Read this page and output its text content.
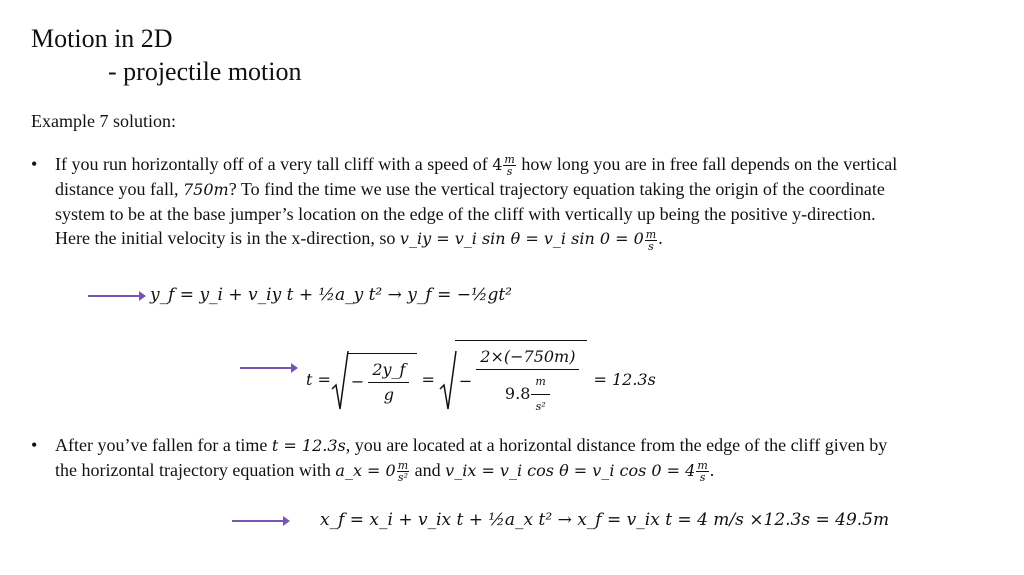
Motion in 2D
- projectile motion
Example 7 solution:
• If you run horizontally off of a very tall cliff with a speed of $4 \frac{m}{s}$ how long you are in free fall depends on the vertical
distance you fall, 750m? To find the time we use the vertical trajectory equation taking the origin of the coordinate
system to be at the base jumper’s location on the edge of the cliff with vertically up being the positive y-direction.
Here the initial velocity is in the x-direction, so v_iy = v_i sin θ = v_i $\sin 0 = 0 \frac{m}{s}$ .
y_f = y_i + v_iy t + ½a_y t² → y_f = −½gt²
t = − $\frac{2y\_f}{g}$ = − $\frac{2\times(-750m)}{9.8 \frac{m}{\text{s²}}} = 12.3s$
• After you’ve fallen for a time t = 12.3s, you are located at a horizontal distance from the edge of the cliff given by
the horizontal trajectory equation with a_x = $0 \frac{m}{\text{s²}}$ and v_ix = v_i cos θ = v_i $\cos 0 = 4 \frac{m}{s}$ .
x_f = x_i + v_ix t + ½a_x t² → x_f = v_ix t = 4 m/s ×12.3s = 49.5m
